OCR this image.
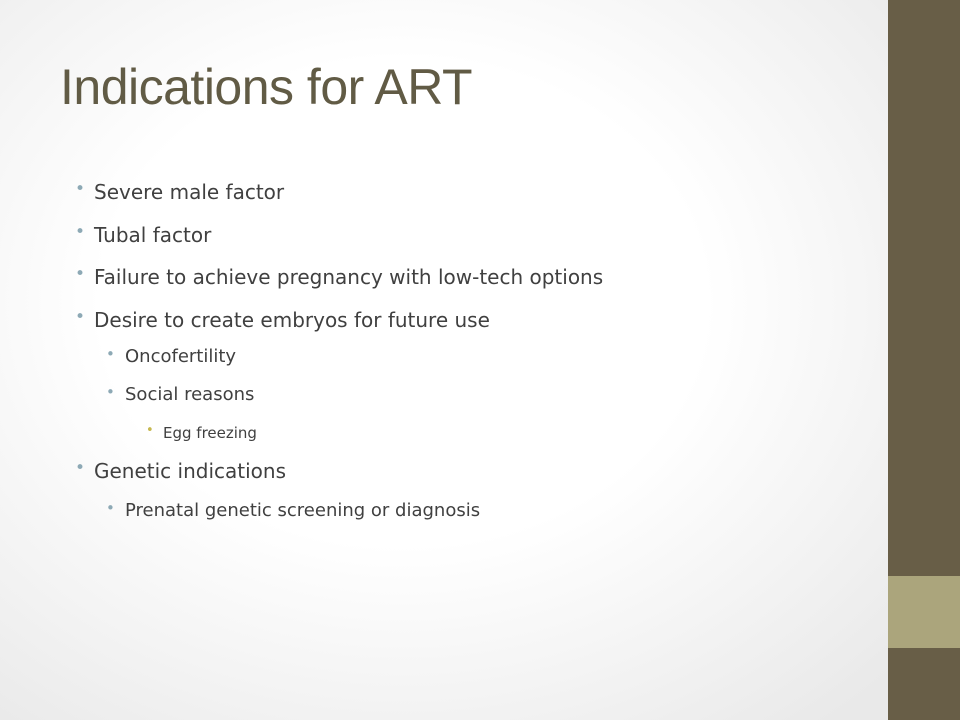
Indications for ART
• Severe male factor
• Tubal factor
• Failure to achieve pregnancy with low-tech options
• Desire to create embryos for future use
• Oncofertility
• Social reasons
• Egg freezing
• Genetic indications
• Prenatal genetic screening or diagnosis
